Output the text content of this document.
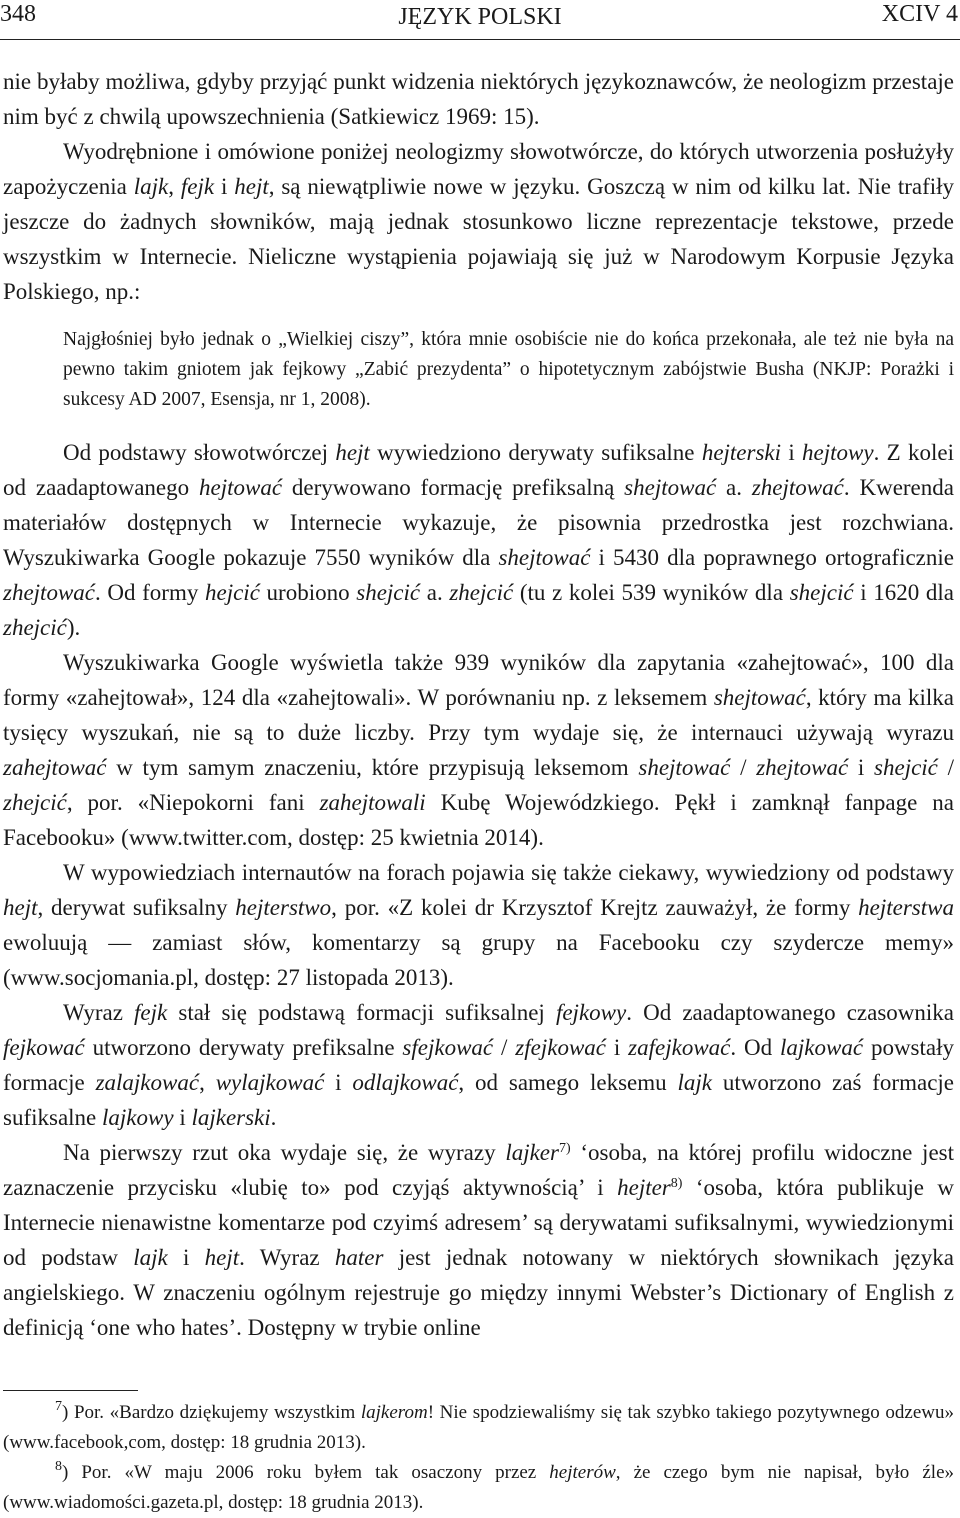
348	JĘZYK POLSKI	XCIV 4

nie byłaby możliwa, gdyby przyjąć punkt widzenia niektórych językoznawców, że neologizm przestaje nim być z chwilą upowszechnienia (Satkiewicz 1969: 15).

Wyodrębnione i omówione poniżej neologizmy słowotwórcze, do których utworzenia posłużyły zapożyczenia lajk, fejk i hejt, są niewątpliwie nowe w języku. Goszczą w nim od kilku lat. Nie trafiły jeszcze do żadnych słowników, mają jednak stosunkowo liczne reprezentacje tekstowe, przede wszystkim w Internecie. Nieliczne wystąpienia pojawiają się już w Narodowym Korpusie Języka Polskiego, np.:

Najgłośniej było jednak o „Wielkiej ciszy”, która mnie osobiście nie do końca przekonała, ale też nie była na pewno takim gniotem jak fejkowy „Zabić prezydenta” o hipotetycznym zabójstwie Busha (NKJP: Porażki i sukcesy AD 2007, Esensja, nr 1, 2008).

Od podstawy słowotwórczej hejt wywiedziono derywaty sufiksalne hejterski i hejtowy. Z kolei od zaadaptowanego hejtować derywowano formację prefiksalną shejtować a. zhejtować. Kwerenda materiałów dostępnych w Internecie wykazuje, że pisownia przedrostka jest rozchwiana. Wyszukiwarka Google pokazuje 7550 wyników dla shejtować i 5430 dla poprawnego ortograficznie zhejtować. Od formy hejcić urobiono shejcić a. zhejcić (tu z kolei 539 wyników dla shejcić i 1620 dla zhejcić).

Wyszukiwarka Google wyświetla także 939 wyników dla zapytania «zahejtować», 100 dla formy «zahejtował», 124 dla «zahejtowali». W porównaniu np. z leksemem shejtować, który ma kilka tysięcy wyszukań, nie są to duże liczby. Przy tym wydaje się, że internauci używają wyrazu zahejtować w tym samym znaczeniu, które przypisują leksemom shejtować / zhejtować i shejcić / zhejcić, por. «Niepokorni fani zahejtowali Kubę Wojewódzkiego. Pękł i zamknął fanpage na Facebooku» (www.twitter.com, dostęp: 25 kwietnia 2014).

W wypowiedziach internautów na forach pojawia się także ciekawy, wywiedziony od podstawy hejt, derywat sufiksalny hejterstwo, por. «Z kolei dr Krzysztof Krejtz zauważył, że formy hejterstwa ewoluują — zamiast słów, komentarzy są grupy na Facebooku czy szydercze memy» (www.socjomania.pl, dostęp: 27 listopada 2013).

Wyraz fejk stał się podstawą formacji sufiksalnej fejkowy. Od zaadaptowanego czasownika fejkować utworzono derywaty prefiksalne sfejkować / zfejkować i zafejkować. Od lajkować powstały formacje zalajkować, wylajkować i odlajkować, od samego leksemu lajk utworzono zaś formacje sufiksalne lajkowy i lajkerski.

Na pierwszy rzut oka wydaje się, że wyrazy lajker$^{7)}$ ‘osoba, na której profilu widoczne jest zaznaczenie przycisku «lubię to» pod czyjąś aktywnością’ i hejter$^{8)}$ ‘osoba, która publikuje w Internecie nienawistne komentarze pod czyimś adresem’ są derywatami sufiksalnymi, wywiedzionymi od podstaw lajk i hejt. Wyraz hater jest jednak notowany w niektórych słownikach języka angielskiego. W znaczeniu ogólnym rejestruje go między innymi Webster’s Dictionary of English z definicją ‘one who hates’. Dostępny w trybie online

$^7$) Por. «Bardzo dziękujemy wszystkim lajkerom! Nie spodziewaliśmy się tak szybko takiego pozytywnego odzewu» (www.facebook,com, dostęp: 18 grudnia 2013).

$^8$) Por. «W maju 2006 roku byłem tak osaczony przez hejterów, że czego bym nie napisał, było źle» (www.wiadomości.gazeta.pl, dostęp: 18 grudnia 2013).
